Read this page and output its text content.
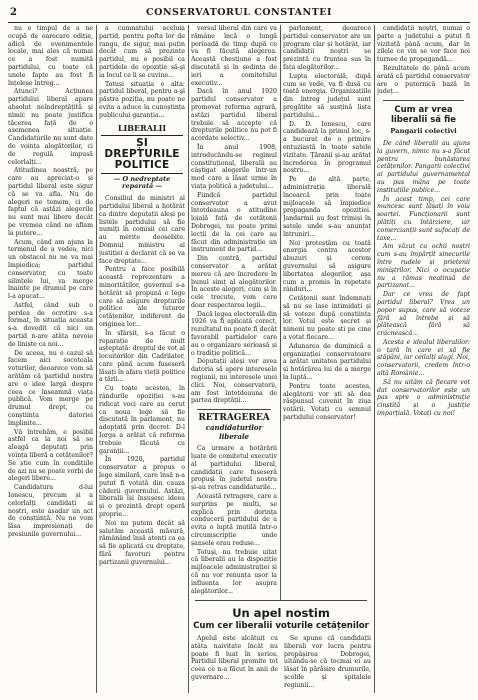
2	CONSERVATORUL CONSTANTEI

nu e timpul de a ne ocupă de oarecare ediție, adică de evenimentele locale, mai ales că numai ce a fost numită partidului, cu toate că unele fapte au fost fi înțelese întreg...

Atunci? Acțiunea partidului liberal apare absolut neîndreptățită și nimic nu poate justifica tăcerea față de o asemenea situație. Candidaturile nu sunt date de voința alegătorilor, ci de regulă impusă celorlalți...

Atitudinea noastră, pe care au apreciat-o și partidul liberal este sigur că se va afla. Nu de alegeri ne temem, ci de faptul că astăzi alegerile nu sunt mai libere decât pe vremea când ne aflam la putere...

Acum, când am ajuns la termenul de a vedea, nici un obstacol nu ne va mai împiedica; partidul conservator, cu toate silințele lui, va merge înainte pe drumul pe care l-a apucat...

Astfel, când sub o perdea de ocrotire s-a format, în situația aceasta s-a dovedit că nici un partid n-are atâta nevoie de liniște ca noi...

De aceea, nu e cazul să facem aici socoteala voturilor, deoarece vom să arătăm că partidul nostru are o idee largă despre ceea ce înseamnă viața publică. Vom merge pe drumul drept, cu conștiința datoriei împlinite...

Vă întrebăm, e posibil astfel ca la noi să se aleagă deputați prin voința liberă a cetățenilor? Se știe cum în condițiile de azi nu se poate vorbi de alegeri libere...

Candidatura d-lui Ionescu, precum și a celorlalți candidați ai noștri, este așadar un act de conștiință. Nu ne vom lăsa impresionați de presiunile guvernului...

a cumnatului aceluia partid, pentru pofta lor de rangu, de sigur, mai puțin decât cum să prezinte partidul, nu e posibil ca partidele de opoziție să-și ia locul ce li se cuvine...

Totuși situația e alta: partidul liberal, pentru a-și păstra poziția, nu poate ne evita a aduce la cunoștința publicului garanția...

LIBERALII
ȘI DREPTURILE POLITICE
— O nedreptate reparată —

Consiliul de ministri al partidului liberal a hotărât ca dintre deputații aleși pe listele partidului să fie numiți în comisii cei care au merite deosebite. Domnul ministru al justiției a declarat că se va face dreptate...

Pentru a face posibilă această reprezentare a minorităților, guvernul s-a hotărât să propună o lege care să asigure drepturile politice ale tuturor cetățenilor, indiferent de originea lor...

În sfârșit, s-a făcut o reparație de mult așteptată: dreptul de vot al locuitorilor din Cadrilater, care până acum fuseseră lăsați în afara vieții politice a țării...

Cu toate acestea, în rândurile opoziției s-au ridicat voci care au cerut ca noua lege să fie discutată în parlament, nu adoptată prin decret. D-l Iorga a arătat că reforma trebuie făcută cu garanții...

În 1920, partidul conservator a propus o lege similară, care însă n-a putut fi votată din cauza căderii guvernului. Astăzi, liberalii își însușesc ideea și o prezintă drept operă proprie...

Noi nu putem decât să salutăm această măsură, rămânând însă atenți ca ea să fie aplicată cu dreptate, fără favoruri pentru partizanii guvernului...

versul liberal din care va rămâne încă o lungă perioadă de timp după ce va fi făcută alegerea. Această chestiune a fost discutată și în ședința de ieri a comitetului executiv...

Dacă în anul 1920 partidul conservator a promovat reforma agrară, astăzi partidul liberal trebuie să accepte că drepturile politice nu pot fi acordate selectiv...

În anul 1908, introducându-se regimul constituțional, liberalii au câștigat alegerile într-un mod care a lăsat urme în viața politică a județului...

Fiindcă partidul conservator a avut întotdeauna o atitudine loială față de cetățenii Dobrogei, nu poate primi lecții de la cei care au făcut din administrație un instrument de partid...

Din contră, partidul conservator a arătat mereu că are încredere în bunul simț al alegătorilor. În aceste alegeri, cum și în cele trecute, vom cere doar respectarea legii...

Dacă legea electorală din 1926 va fi aplicată corect, rezultatul nu poate fi decât favorabil partidelor care au o organizare serioasă și o tradiție politică...

Deputații aleși vor avea datoria să apere interesele regiunii, nu interesele unei clici. Noi, conservatorii, am fost întotdeauna de partea dreptății...

RETRAGEREA
candidaturilor liberale

Ca urmare a hotărârii luate de comitetul executiv al partidului liberal, candidații care fuseseră propuși în județul nostru și-au retras candidaturile...

Această retragere, care a surprins pe mulți, se explică prin dorința conducerii partidului de a evita o luptă inutilă într-o circumscripție unde șansele erau reduse...

Totuși, nu trebuie uitat că liberalii au la dispoziție mijloacele administrației și că nu vor renunța ușor la influența lor asupra alegătorilor...

parlament, deoarece partidul conservator are un program clar și hotărât, iar candidații noștri se prezintă cu fruntea sus în fața alegătorilor...

Lupta electorală, după cum se vede, va fi dusă cu toată energia. Organizațiile din întreg județul sunt pregătite să susțină lista partidului...

D. D. Ionescu, care candidează la primul loc, s-a bucurat de o primire entuziastă în toate satele vizitate. Țăranii și-au arătat încrederea în programul nostru...

Pe de altă parte, administrația liberală încearcă prin toate mijloacele să împiedice propaganda opoziției. Jandarmii au fost trimiși în satele unde s-au anunțat întruniri...

Noi protestăm cu toată energia contra acestor abuzuri și cerem guvernului să asigure libertatea alegerilor, așa cum a promis în repetate rânduri...

Cetățenii sunt îndemnați să nu se lase intimidați și să voteze după conștiința lor. Votul este secret și nimeni nu poate ști pe cine a votat fiecare...

Adunarea de duminică a organizației conservatoare a arătat unitatea partidului și hotărârea lui de a merge la luptă...

Pentru toate acestea, alegătorii vor ști să dea răspunsul cuvenit în ziua votării. Votați cu semnul partidului conservator!

Un apel nostim
Cum cer liberalii voturile cetățenilor

Apelul este alcătuit cu atâta naivitate încât nu poate fi luat în serios. Partidul liberal promite tot ceea ce n-a făcut în anii de guvernare...

Se spune că candidații liberali vor lucra pentru propășirea Dobrogei, uitându-se că tocmai ei au lăsat în părăsire drumurile, școlile și spitalele regiunii...

candidații noștri, numai o parte a județului a putut fi vizitată până acum, dar în zilele ce vin se vor face noi turnee de propagandă...

Rezultatele de până acum arată că partidul conservator are o puternică bază în județ...

Cum ar vrea liberalii să fie
Pangarii colectivi

De când liberalii au ajuns la guvern, nimic nu s-a făcut pentru bunăstarea cetățenilor. Pangarii colectivi ai partidului guvernamental au pus mâna pe toate instituțiile publice...

În acest timp, cei care muncesc sunt lăsați în voia soartei. Funcționarii sunt plătiți cu întârziere, iar comercianții sunt sufocați de taxe...

Am văzut cu ochii noștri cum s-au împărțit sinecurile între rudele și prietenii miniștrilor. Nici o ocupație nu a rămas neatinsă de partizanat...

Dar ce vrea de fapt partidul liberal? Vrea un popor supus, care să voteze fără să întrebe și să plătească fără să crâcnească...

Acesta e idealul liberalilor: o țară în care ei să fie stăpâni, iar ceilalți slugi. Noi, conservatorii, credem într-o altă Românie...

Să nu uităm că fiecare vot dat conservatorilor este un pas spre o administrație cinstită și o justiție imparțială. Votați cu noi!
